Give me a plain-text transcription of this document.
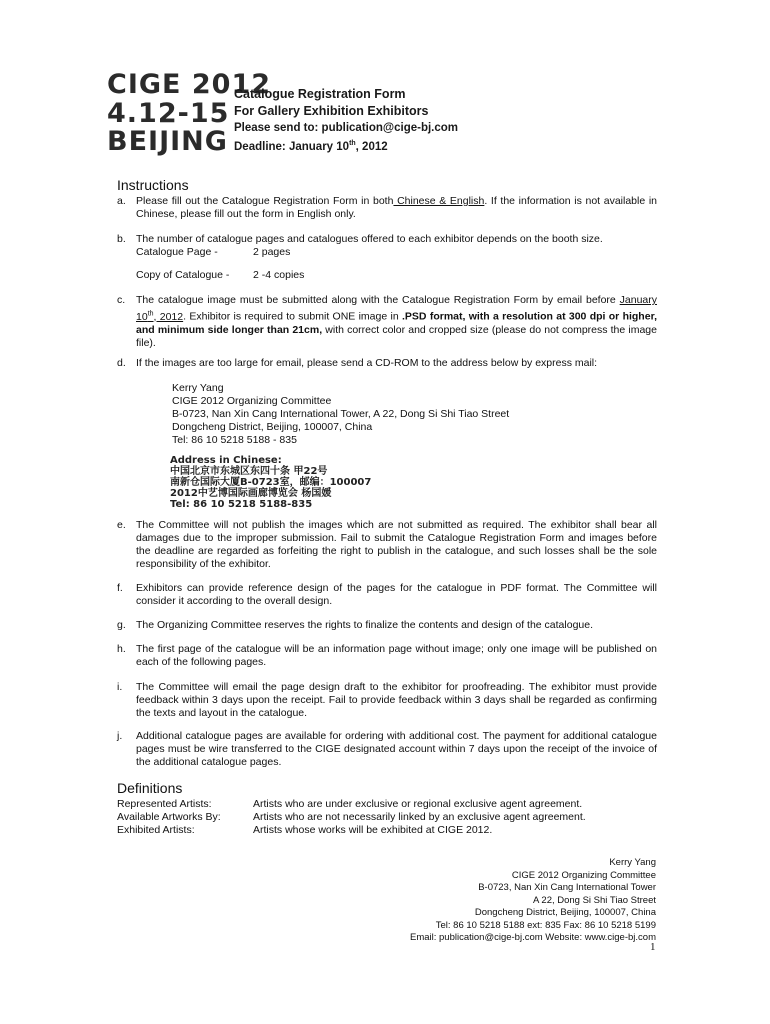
CIGE 2012
4.12-15
BEIJING
Catalogue Registration Form
For Gallery Exhibition Exhibitors
Please send to: publication@cige-bj.com
Deadline: January 10th, 2012
Instructions
a. Please fill out the Catalogue Registration Form in both Chinese & English. If the information is not available in Chinese, please fill out the form in English only.
b. The number of catalogue pages and catalogues offered to each exhibitor depends on the booth size.
Catalogue Page -	2 pages
Copy of Catalogue - 2 -4 copies
c.	The catalogue image must be submitted along with the Catalogue Registration Form by email before January 10th, 2012. Exhibitor is required to submit ONE image in .PSD format, with a resolution at 300 dpi or higher, and minimum side longer than 21cm, with correct color and cropped size (please do not compress the image file).
d. If the images are too large for email, please send a CD-ROM to the address below by express mail:
Kerry Yang
CIGE 2012 Organizing Committee
B-0723, Nan Xin Cang International Tower, A 22, Dong Si Shi Tiao Street
Dongcheng District, Beijing, 100007, China
Tel: 86 10 5218 5188 - 835
Address in Chinese:
中国北京市东城区东四十条 甲22号
南新仓国际大厦B-0723室，邮编：100007
2012中艺博国际画廊博览会 杨国媛
Tel: 86 10 5218 5188-835
e. The Committee will not publish the images which are not submitted as required. The exhibitor shall bear all damages due to the improper submission. Fail to submit the Catalogue Registration Form and images before the deadline are regarded as forfeiting the right to publish in the catalogue, and such losses shall be the sole responsibility of the exhibitor.
f.	Exhibitors can provide reference design of the pages for the catalogue in PDF format. The Committee will consider it according to the overall design.
g. The Organizing Committee reserves the rights to finalize the contents and design of the catalogue.
h. The first page of the catalogue will be an information page without image; only one image will be published on each of the following pages.
i.	The Committee will email the page design draft to the exhibitor for proofreading. The exhibitor must provide feedback within 3 days upon the receipt. Fail to provide feedback within 3 days shall be regarded as confirming the texts and layout in the catalogue.
j.	Additional catalogue pages are available for ordering with additional cost. The payment for additional catalogue pages must be wire transferred to the CIGE designated account within 7 days upon the receipt of the invoice of the additional catalogue pages.
Definitions
Represented Artists:	Artists who are under exclusive or regional exclusive agent agreement.
Available Artworks By:	Artists who are not necessarily linked by an exclusive agent agreement.
Exhibited Artists:	Artists whose works will be exhibited at CIGE 2012.
Kerry Yang
CIGE 2012 Organizing Committee
B-0723, Nan Xin Cang International Tower
A 22, Dong Si Shi Tiao Street
Dongcheng District, Beijing, 100007, China
Tel: 86 10 5218 5188 ext: 835 Fax: 86 10 5218 5199
Email: publication@cige-bj.com Website: www.cige-bj.com
1
